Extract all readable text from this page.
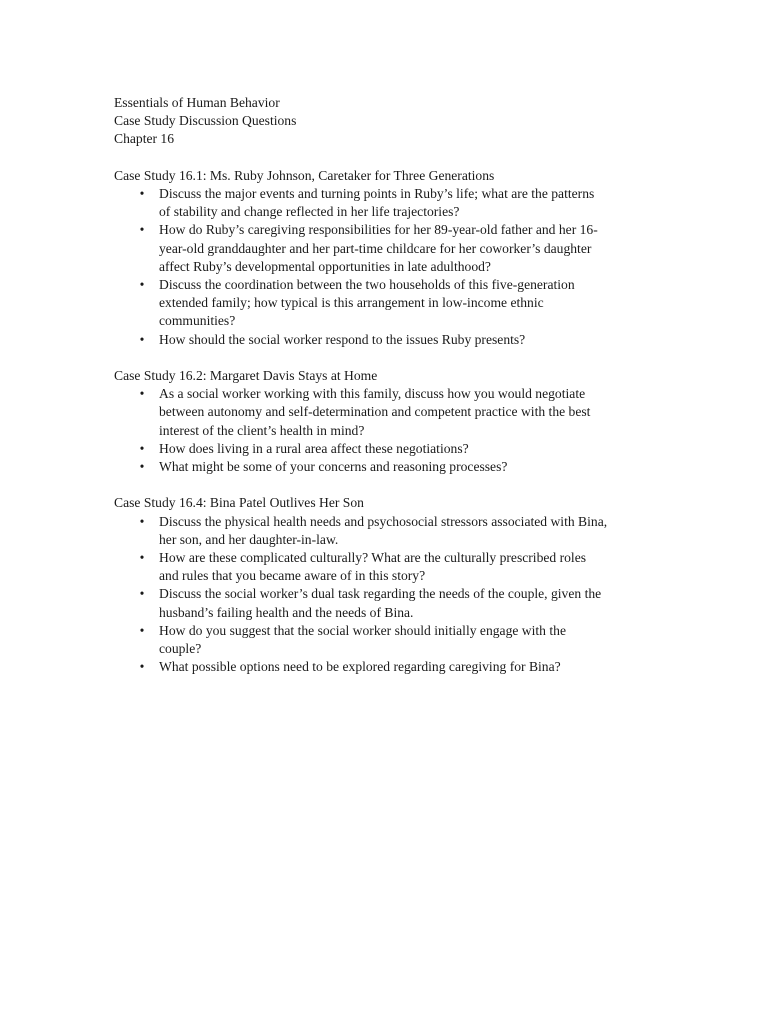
Essentials of Human Behavior
Case Study Discussion Questions
Chapter 16
Case Study 16.1: Ms. Ruby Johnson, Caretaker for Three Generations
• Discuss the major events and turning points in Ruby’s life; what are the patterns
of stability and change reflected in her life trajectories?
• How do Ruby’s caregiving responsibilities for her 89-year-old father and her 16-
year-old granddaughter and her part-time childcare for her coworker’s daughter
affect Ruby’s developmental opportunities in late adulthood?
• Discuss the coordination between the two households of this five-generation
extended family; how typical is this arrangement in low-income ethnic
communities?
• How should the social worker respond to the issues Ruby presents?
Case Study 16.2: Margaret Davis Stays at Home
• As a social worker working with this family, discuss how you would negotiate
between autonomy and self-determination and competent practice with the best
interest of the client’s health in mind?
• How does living in a rural area affect these negotiations?
• What might be some of your concerns and reasoning processes?
Case Study 16.4: Bina Patel Outlives Her Son
• Discuss the physical health needs and psychosocial stressors associated with Bina,
her son, and her daughter-in-law.
• How are these complicated culturally? What are the culturally prescribed roles
and rules that you became aware of in this story?
• Discuss the social worker’s dual task regarding the needs of the couple, given the
husband’s failing health and the needs of Bina.
• How do you suggest that the social worker should initially engage with the
couple?
• What possible options need to be explored regarding caregiving for Bina?
